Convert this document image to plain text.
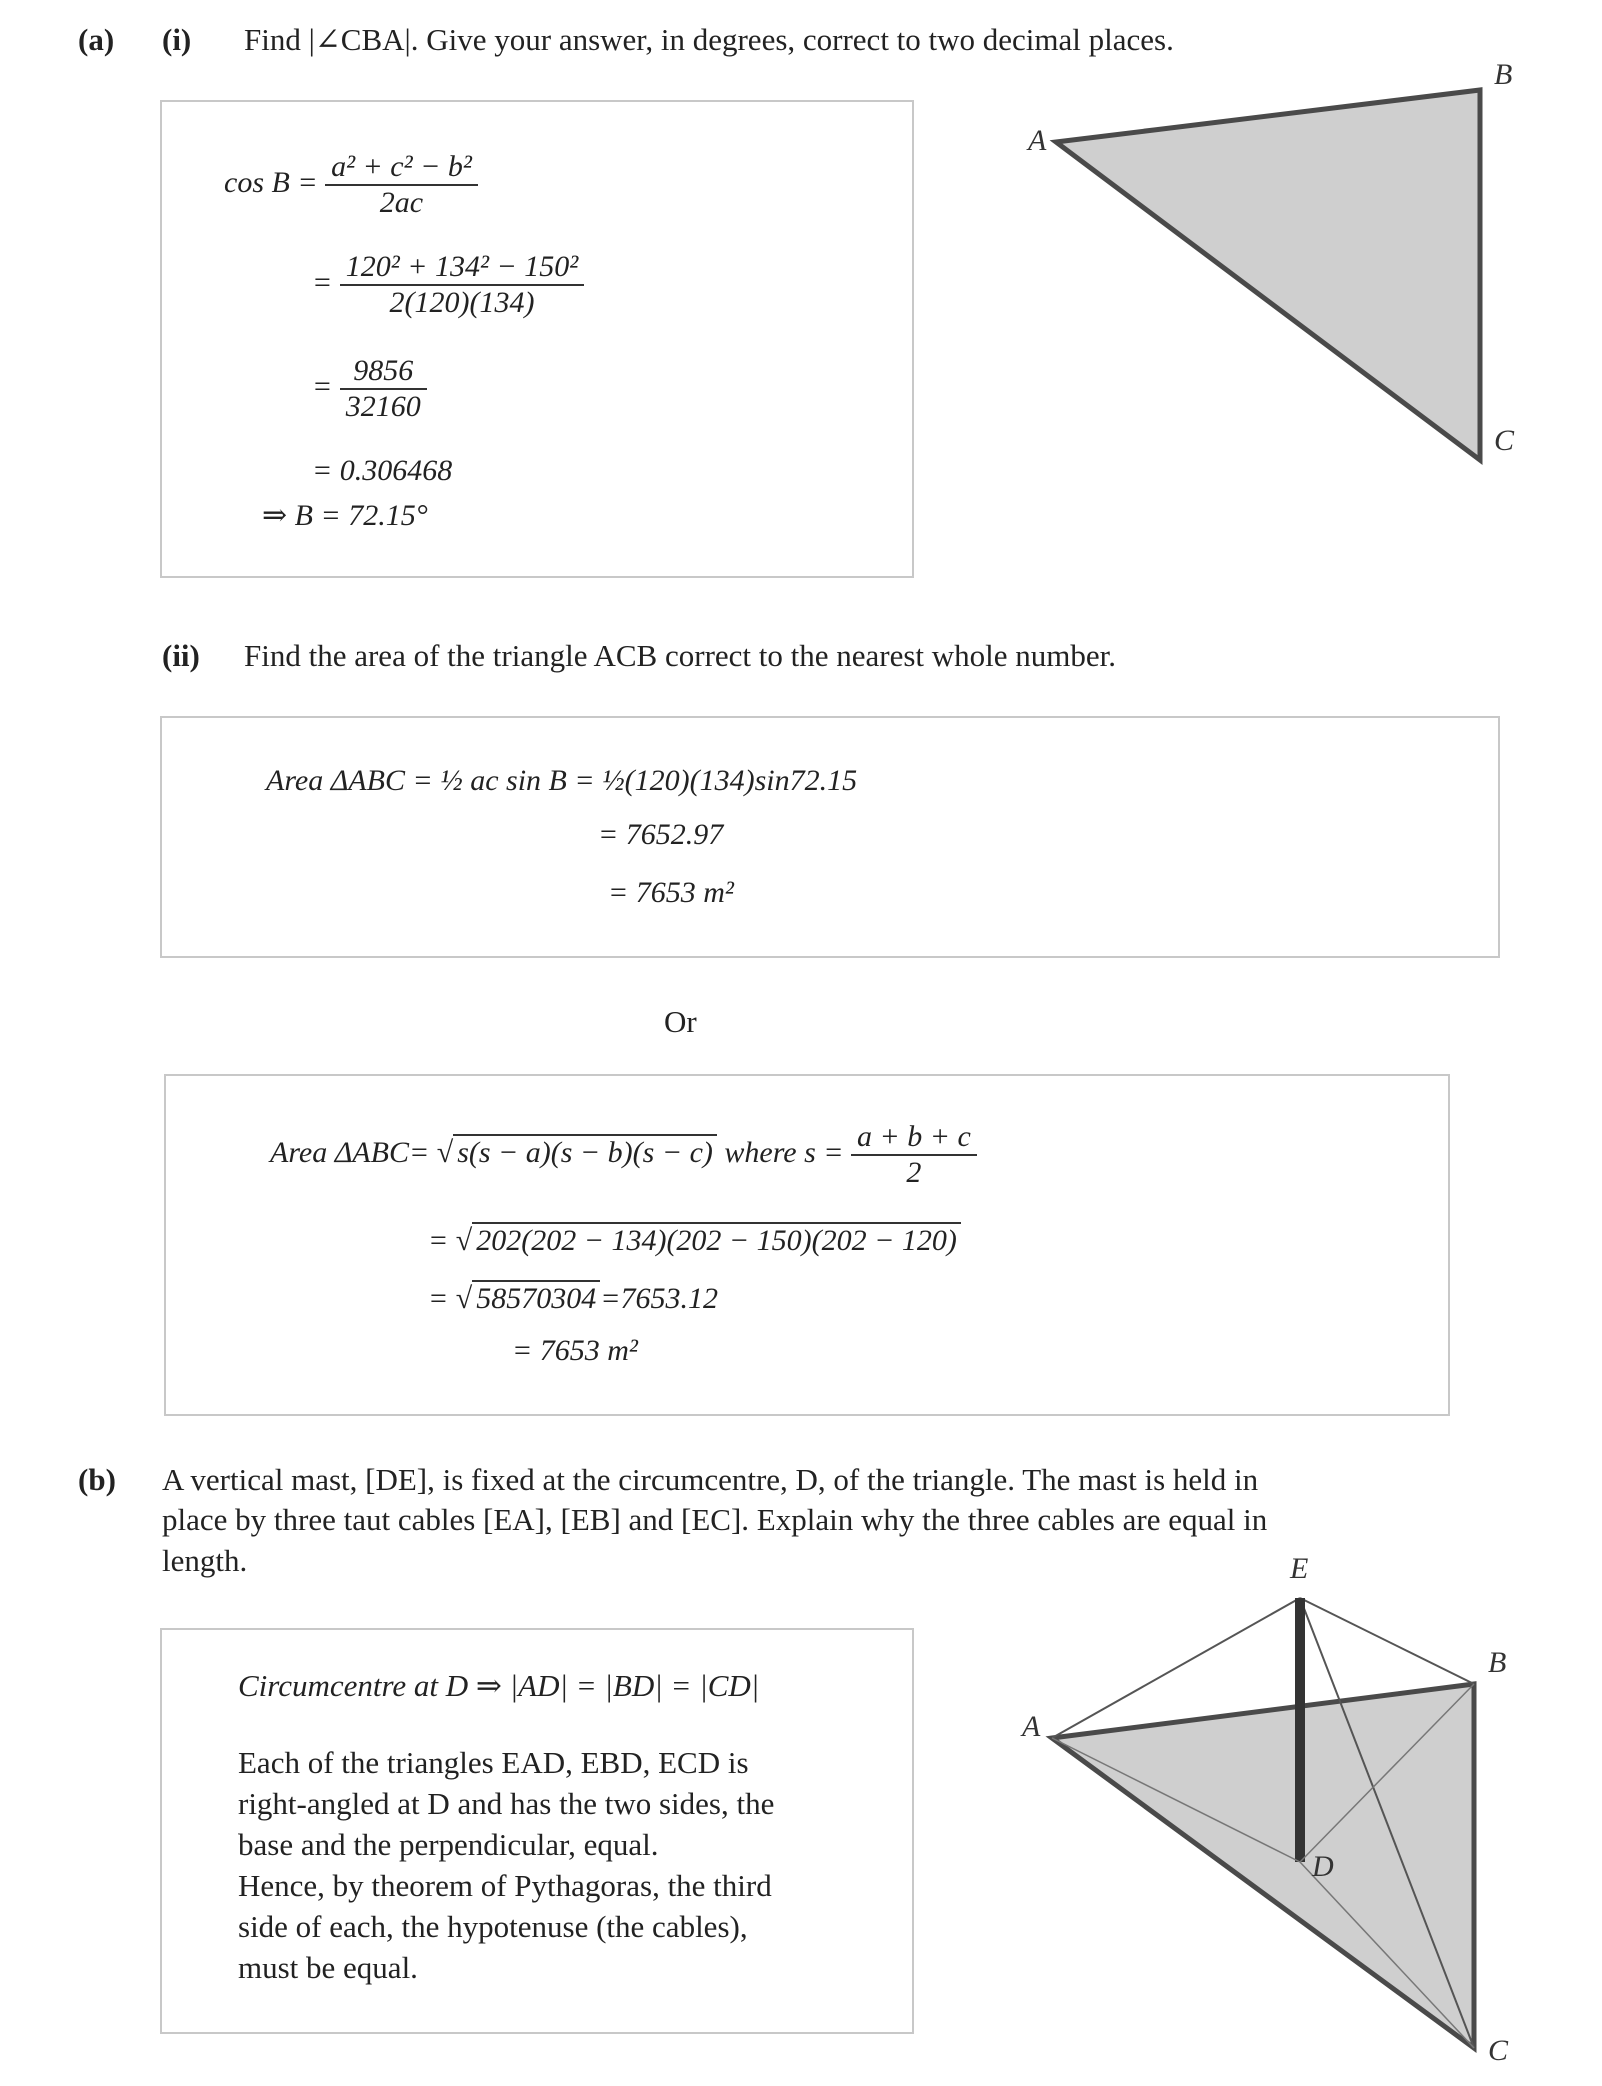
(a) (i) Find |∠CBA|. Give your answer, in degrees, correct to two decimal places.
$\cos B = \frac{\text{a² + c² − b²}}{2ac}$
= $\frac{\text{120² + 134² − 150²}}{2(120)(134)}$
= $\frac{9856}{32160}$
= 0.306468
⇒ B = 72.15°
A
B
C
(ii) Find the area of the triangle ACB correct to the nearest whole number.
Area ΔABC = ½ ac sin B = ½(120)(134)sin72.15
= 7652.97
= 7653 m²
Or
Area ΔABC= √ s(s − a)(s − b)(s − c) where $s = \frac{a + b + c}{2}$
= √ 202(202 − 134)(202 − 150)(202 − 120)
= √ 58570304 =7653.12
= 7653 m²
(b) A vertical mast, [DE], is fixed at the circumcentre, D, of the triangle. The mast is held in
place by three taut cables [EA], [EB] and [EC]. Explain why the three cables are equal in
length.
Circumcentre at D ⇒ |AD| = |BD| = |CD|
Each of the triangles EAD, EBD, ECD is
right-angled at D and has the two sides, the
base and the perpendicular, equal.
Hence, by theorem of Pythagoras, the third
side of each, the hypotenuse (the cables),
must be equal.
A
B
C
D
E
